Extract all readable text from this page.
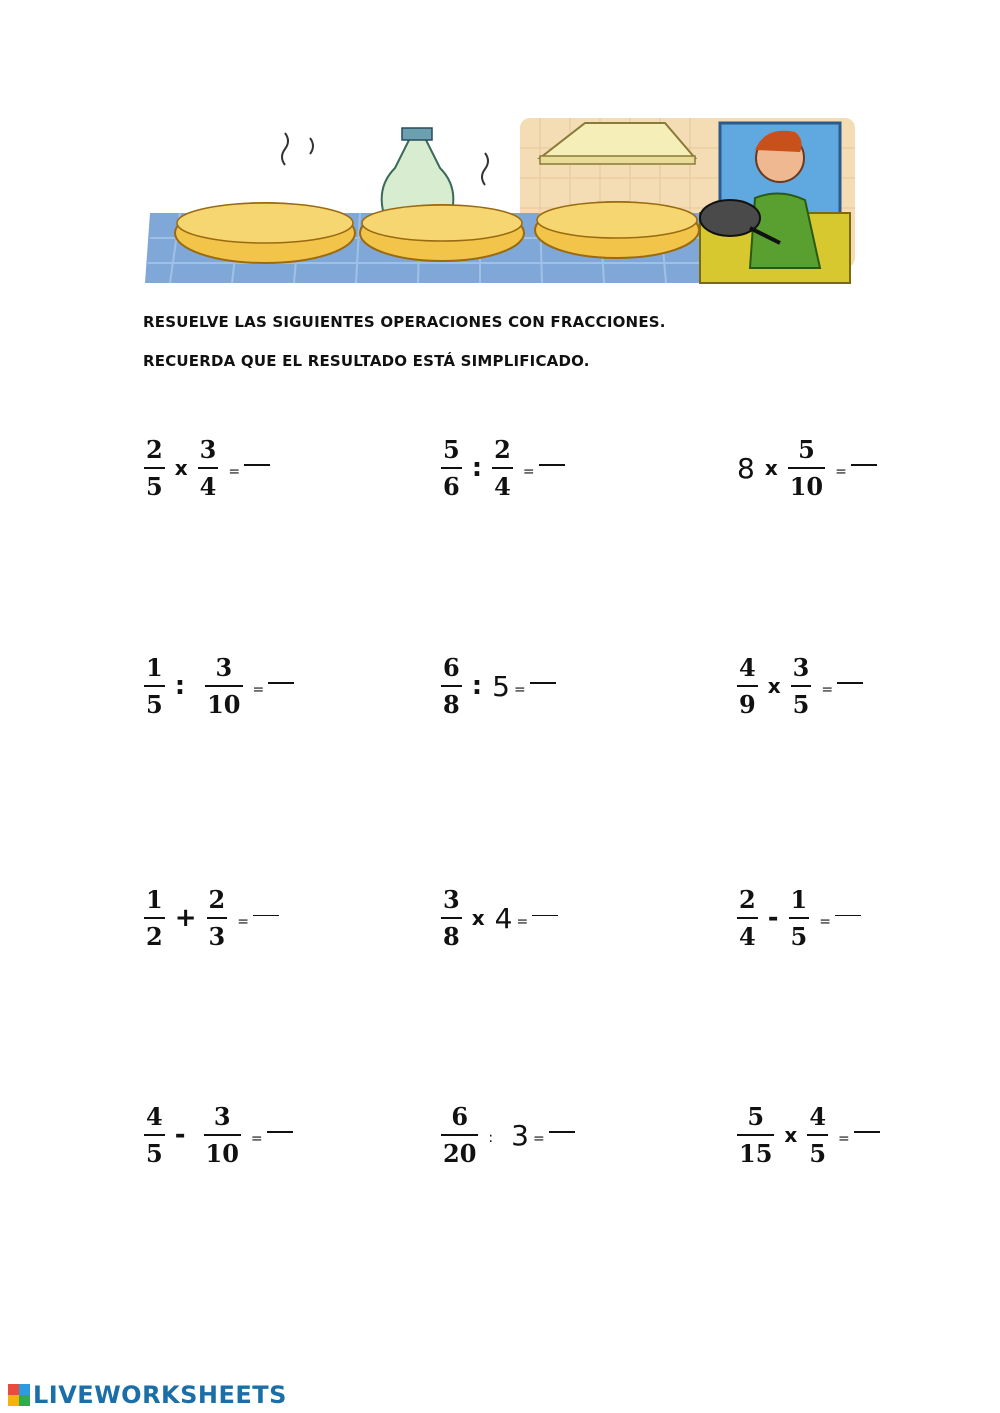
RESUELVE LAS SIGUIENTES OPERACIONES CON FRACCIONES.
RECUERDA QUE EL RESULTADO ESTÁ SIMPLIFICADO.
$\frac{2}{5}$ x $\frac{3}{4}$ =	$\frac{5}{6}$ : $\frac{2}{4}$ =	8 x $\frac{5}{10}$ =
$\frac{1}{5}$ : $\frac{3}{10}$ =	$\frac{6}{8}$ : 5 =	$\frac{4}{9}$ x $\frac{3}{5}$ =
$\frac{1}{2} + \frac{2}{3}$ =	$\frac{3}{8}$ x 4 =	$\frac{2}{4} - \frac{1}{5}$ =
$\frac{4}{5} - \frac{3}{10}$ =	$\frac{6}{20}$ : 3 =	$\frac{5}{15}$ x $\frac{4}{5}$ =
LIVEWORKSHEETS
